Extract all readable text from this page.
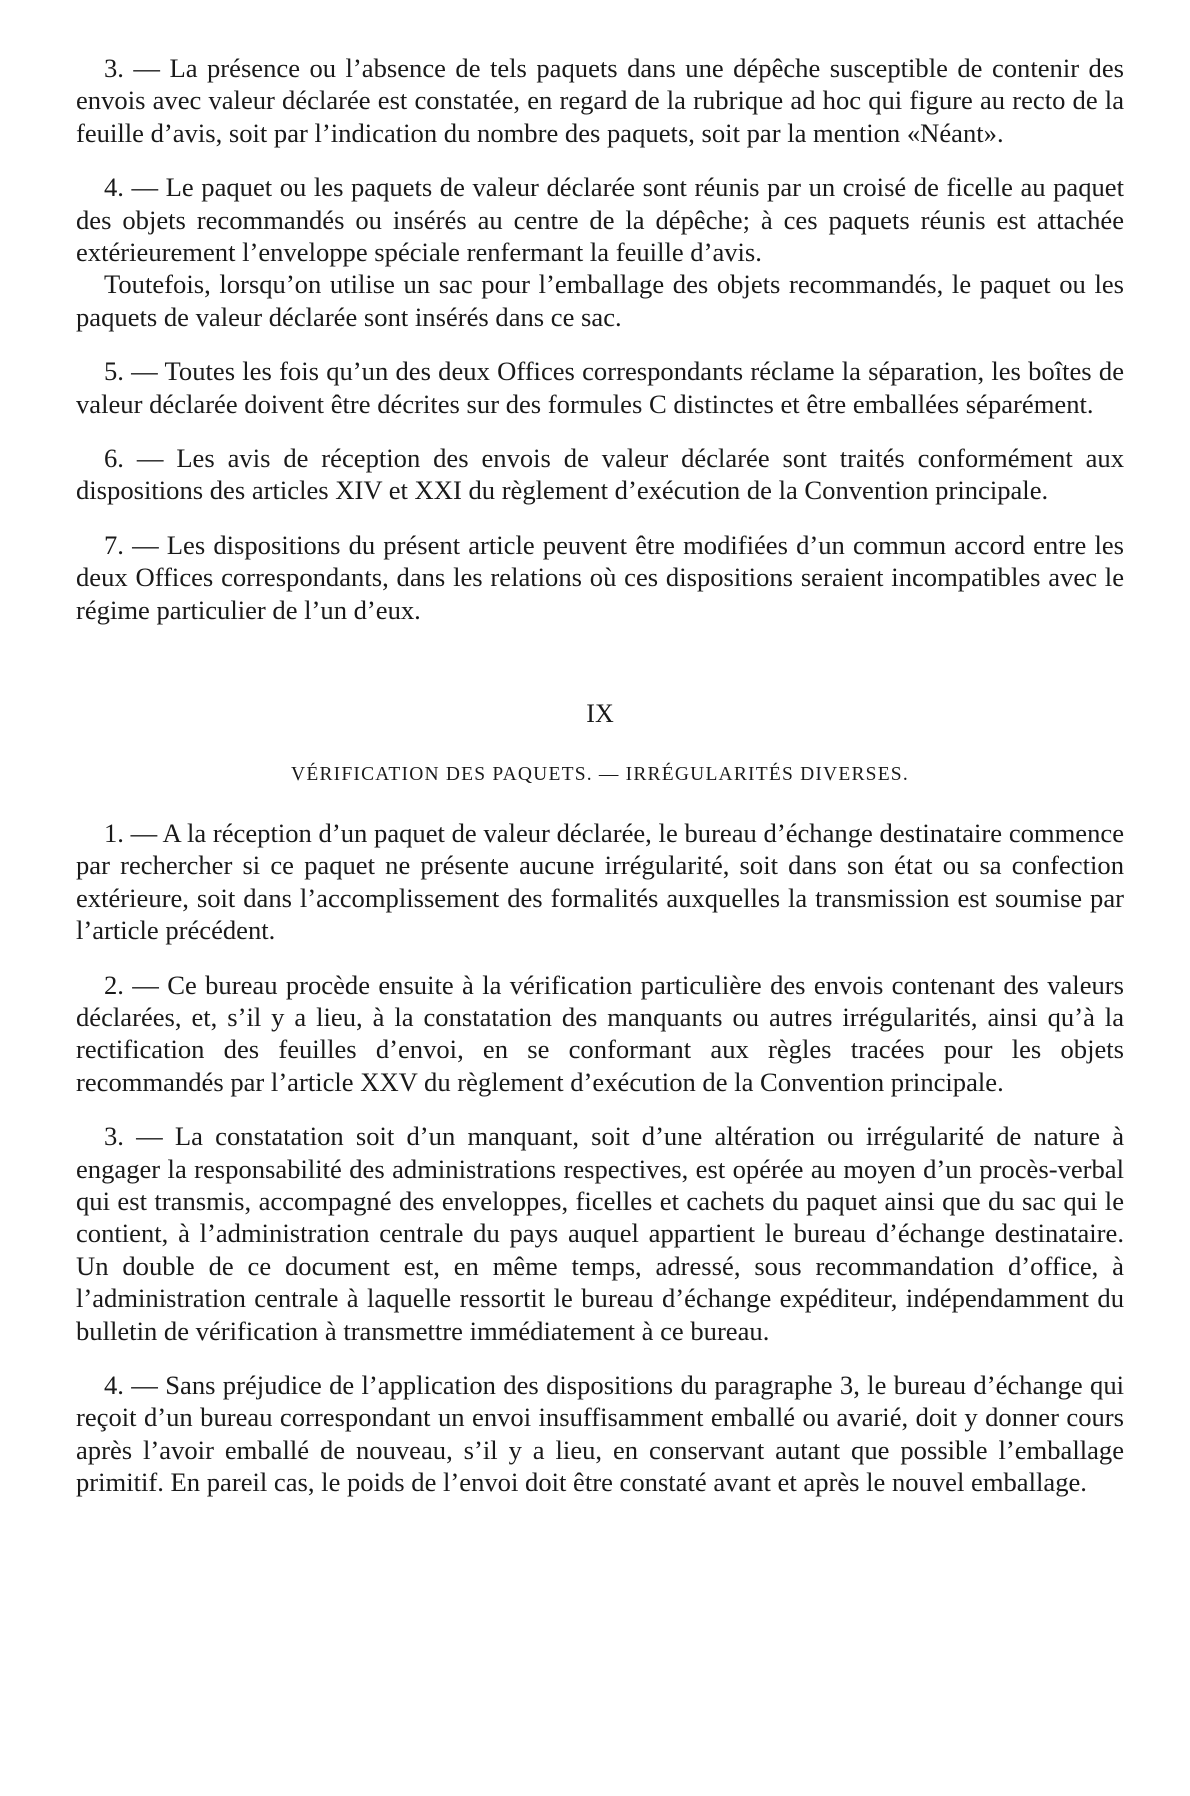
3. — La présence ou l’absence de tels paquets dans une dépêche susceptible de contenir des envois avec valeur déclarée est constatée, en regard de la rubrique ad hoc qui figure au recto de la feuille d’avis, soit par l’indication du nombre des paquets, soit par la mention «Néant».

4. — Le paquet ou les paquets de valeur déclarée sont réunis par un croisé de ficelle au paquet des objets recommandés ou insérés au centre de la dépêche; à ces paquets réunis est attachée extérieurement l’enveloppe spéciale renfermant la feuille d’avis.

Toutefois, lorsqu’on utilise un sac pour l’emballage des objets recommandés, le paquet ou les paquets de valeur déclarée sont insérés dans ce sac.

5. — Toutes les fois qu’un des deux Offices correspondants réclame la séparation, les boîtes de valeur déclarée doivent être décrites sur des formules C distinctes et être emballées séparément.

6. — Les avis de réception des envois de valeur déclarée sont traités conformément aux dispositions des articles XIV et XXI du règlement d’exécution de la Convention principale.

7. — Les dispositions du présent article peuvent être modifiées d’un commun accord entre les deux Offices correspondants, dans les relations où ces dispositions seraient incompatibles avec le régime particulier de l’un d’eux.

IX
VÉRIFICATION DES PAQUETS. — IRRÉGULARITÉS DIVERSES.

1. — A la réception d’un paquet de valeur déclarée, le bureau d’échange destinataire commence par rechercher si ce paquet ne présente aucune irrégularité, soit dans son état ou sa confection extérieure, soit dans l’accomplissement des formalités auxquelles la transmission est soumise par l’article précédent.

2. — Ce bureau procède ensuite à la vérification particulière des envois contenant des valeurs déclarées, et, s’il y a lieu, à la constatation des manquants ou autres irrégularités, ainsi qu’à la rectification des feuilles d’envoi, en se conformant aux règles tracées pour les objets recommandés par l’article XXV du règlement d’exécution de la Convention principale.

3. — La constatation soit d’un manquant, soit d’une altération ou irrégularité de nature à engager la responsabilité des administrations respectives, est opérée au moyen d’un procès-verbal qui est transmis, accompagné des enveloppes, ficelles et cachets du paquet ainsi que du sac qui le contient, à l’administration centrale du pays auquel appartient le bureau d’échange destinataire. Un double de ce document est, en même temps, adressé, sous recommandation d’office, à l’administration centrale à laquelle ressortit le bureau d’échange expéditeur, indépendamment du bulletin de vérification à transmettre immédiatement à ce bureau.

4. — Sans préjudice de l’application des dispositions du paragraphe 3, le bureau d’échange qui reçoit d’un bureau correspondant un envoi insuffisamment emballé ou avarié, doit y donner cours après l’avoir emballé de nouveau, s’il y a lieu, en conservant autant que possible l’emballage primitif. En pareil cas, le poids de l’envoi doit être constaté avant et après le nouvel emballage.
